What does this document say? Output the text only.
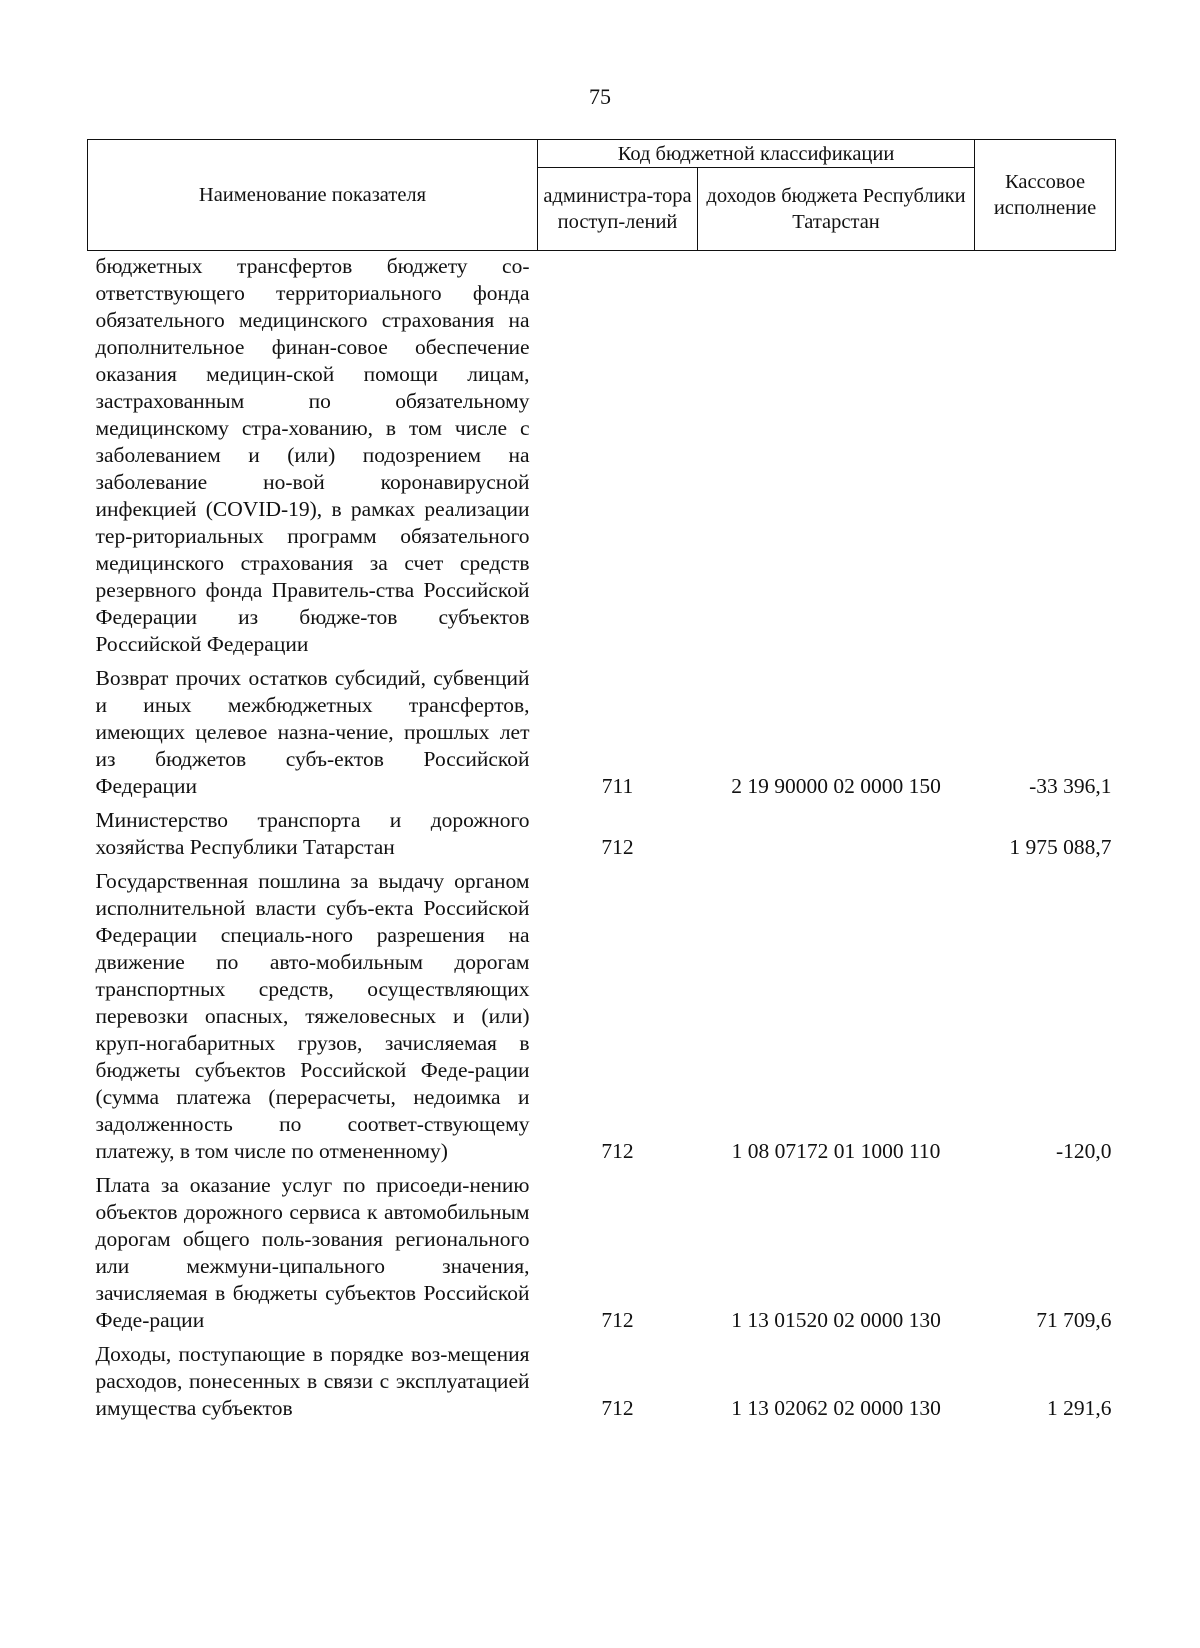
75
Наименование показателя	Код бюджетной классификации		Кассовое исполнение
	администра-тора поступ-лений	доходов бюджета Республики Татарстан	
бюджетных трансфертов бюджету со-ответствующего территориального фонда обязательного медицинского страхования на дополнительное финан-совое обеспечение оказания медицин-ской помощи лицам, застрахованным по обязательному медицинскому стра-хованию, в том числе с заболеванием и (или) подозрением на заболевание но-вой коронавирусной инфекцией (COVID-19), в рамках реализации тер-риториальных программ обязательного медицинского страхования за счет средств резервного фонда Правитель-ства Российской Федерации из бюдже-тов субъектов Российской Федерации			
Возврат прочих остатков субсидий, субвенций и иных межбюджетных трансфертов, имеющих целевое назна-чение, прошлых лет из бюджетов субъ-ектов Российской Федерации	711	2 19 90000 02 0000 150	-33 396,1
Министерство транспорта и дорожного хозяйства Республики Татарстан	712		1 975 088,7
Государственная пошлина за выдачу органом исполнительной власти субъ-екта Российской Федерации специаль-ного разрешения на движение по авто-мобильным дорогам транспортных средств, осуществляющих перевозки опасных, тяжеловесных и (или) круп-ногабаритных грузов, зачисляемая в бюджеты субъектов Российской Феде-рации (сумма платежа (перерасчеты, недоимка и задолженность по соответ-ствующему платежу, в том числе по отмененному)	712	1 08 07172 01 1000 110	-120,0
Плата за оказание услуг по присоеди-нению объектов дорожного сервиса к автомобильным дорогам общего поль-зования регионального или межмуни-ципального значения, зачисляемая в бюджеты субъектов Российской Феде-рации	712	1 13 01520 02 0000 130	71 709,6
Доходы, поступающие в порядке воз-мещения расходов, понесенных в связи с эксплуатацией имущества субъектов	712	1 13 02062 02 0000 130	1 291,6
